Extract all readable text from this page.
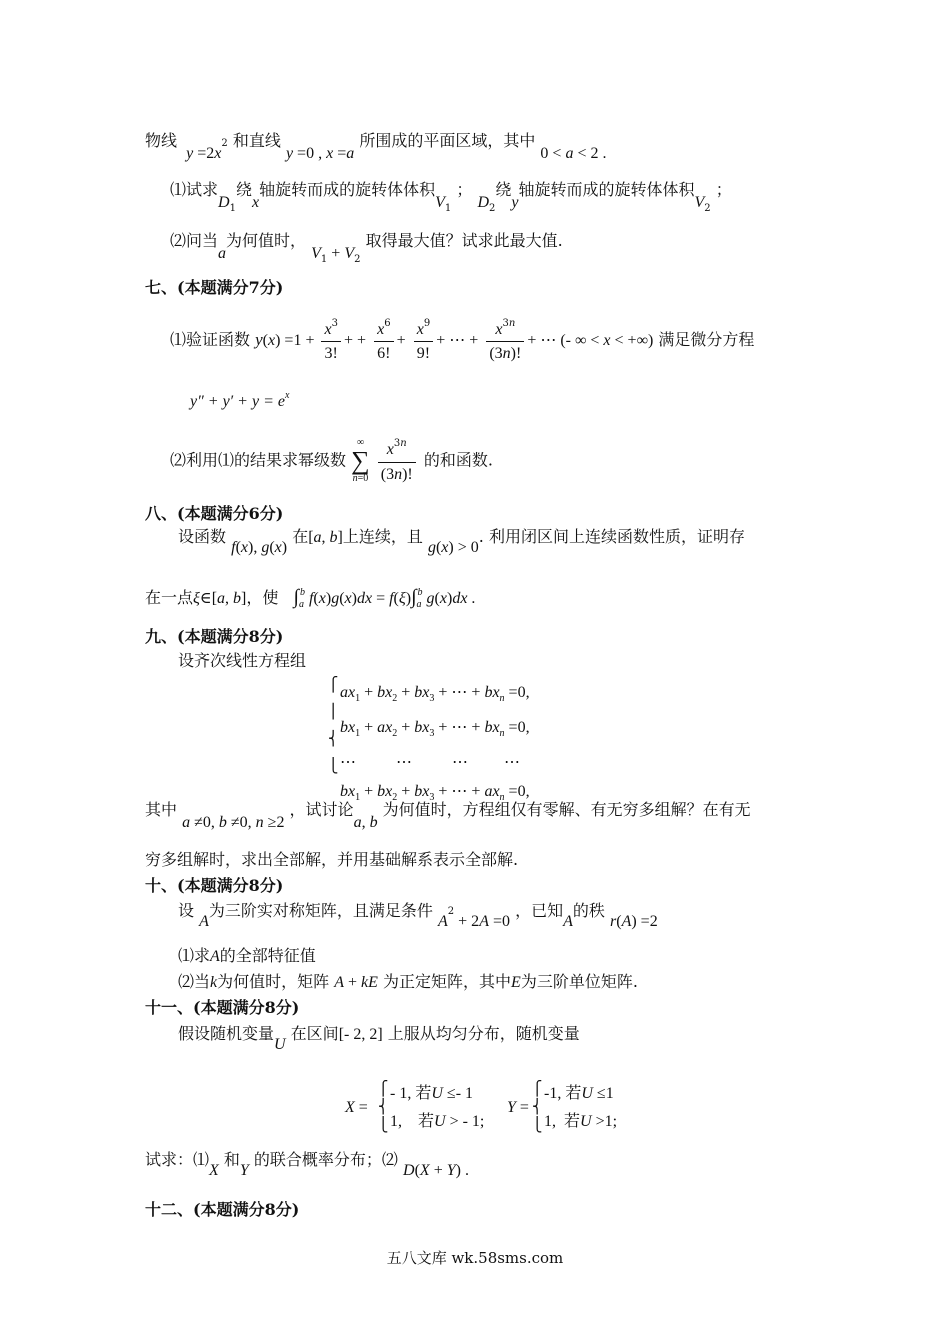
物线 $y =2x^2$ 和直线 y =0 , x =a 所围成的平面区域，其中 0 < a < 2 .
⑴试求$D_1$绕x轴旋转而成的旋转体体积$V_1$ ； $D_2$绕y轴旋转而成的旋转体体积$V_2$ ；
⑵问当a为何值时， $V_1 + V_2$ 取得最大值？试求此最大值.
七、(本题满分7分)
⑴验证函数 $y(x) =1 + \frac{x^3}{3!}$ + + $\frac{x^6}{6!} + \frac{x^9}{9!}$ + ⋯ + $\frac{x^{3n}}{(3n)!}$ + ⋯ (- ∞ < x < +∞) 满足微分方程
$y'' + y' + y = e^x$
⑵利用⑴的结果求幂级数 ∞
∑
$n=0 \frac{x^{3n}}{(3n)!}$ 的和函数.
八、(本题满分6分)
设函数 f(x), g(x) 在[a, b]上连续，且 g(x) > 0. 利用闭区间上连续函数性质，证明存
在一点ξ∈[a, b]，使 $\int_a^b$ $f(x)g(x)dx = f(\xi)\int_a^b$ g(x)dx .
九、(本题满分8分)
设齐次线性方程组
⎧
⎪
⎨
⎩
$ax_1 + bx_2 + bx_3$ + ⋯ + $bx_n =0$,
$bx_1 + ax_2 + bx_3$ + ⋯ + $bx_n =0$,
⋯          ⋯          ⋯         ⋯
$bx_1 + bx_2 + bx_3$ + ⋯ + $ax_n =0$,
其中 a ≠0, b ≠0, n ≥2 ，试讨论a, b 为何值时，方程组仅有零解、有无穷多组解？在有无
穷多组解时，求出全部解，并用基础解系表示全部解.
十、(本题满分8分)
设 A为三阶实对称矩阵，且满足条件 $A^2 + 2A =0$ ，已知A的秩 r(A) =2
⑴求A的全部特征值
⑵当k为何值时，矩阵 A + kE 为正定矩阵，其中E为三阶单位矩阵.
十一、(本题满分8分)
假设随机变量U 在区间[- 2, 2] 上服从均匀分布，随机变量
X =
⎧
⎨
⎩
- 1, 若U ≤- 1
1,    若U > - 1;
Y =
⎧
⎨
⎩
-1, 若U ≤1
1,  若U >1;
试求：⑴X 和Y 的联合概率分布；⑵ D(X + Y) .
十二、(本题满分8分)
五八文库 wk.58sms.com
